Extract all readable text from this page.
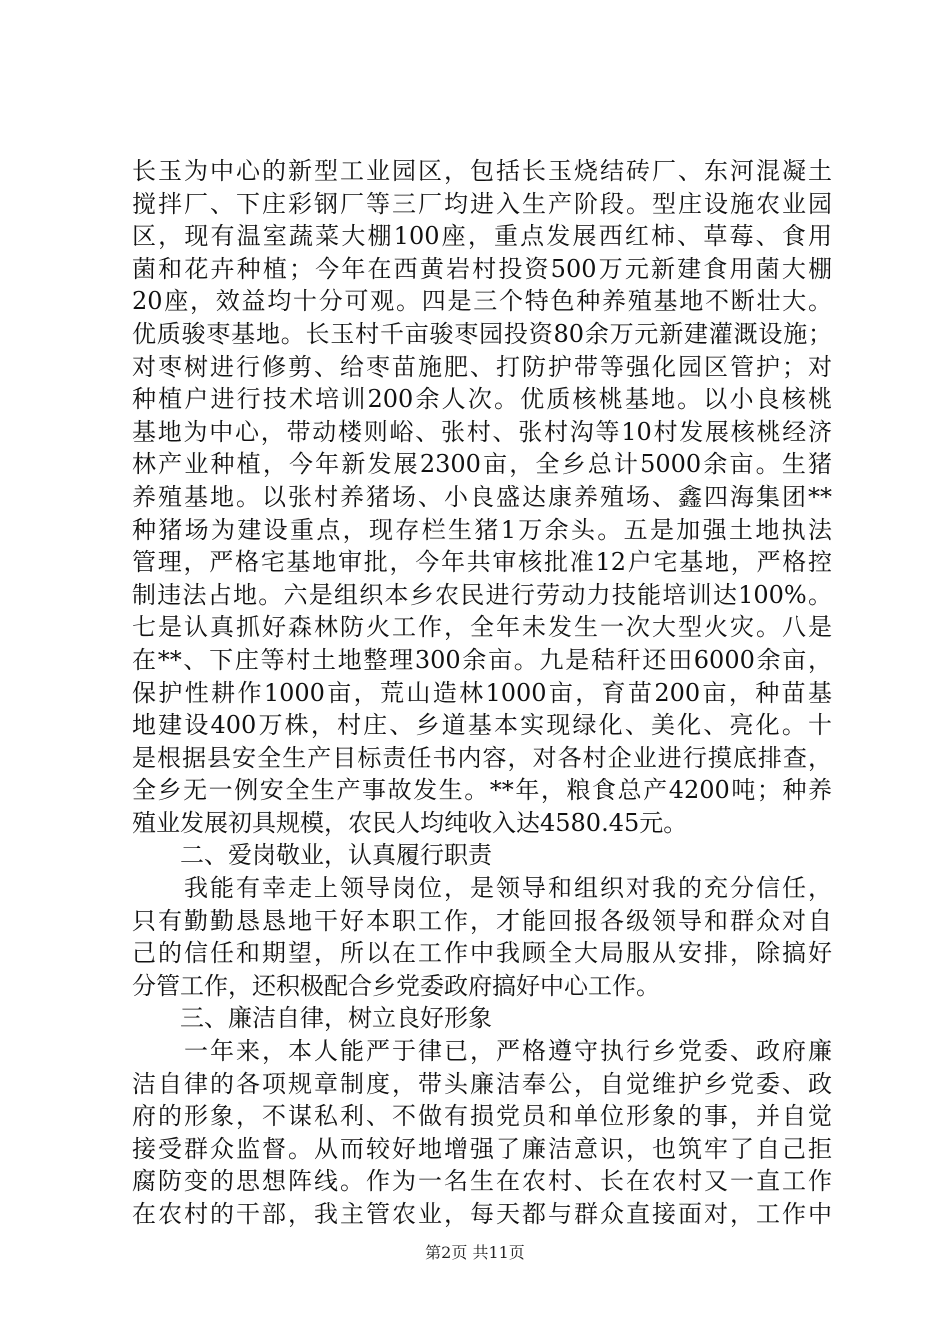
长玉为中心的新型工业园区，包括长玉烧结砖厂、东河混凝土
搅拌厂、下庄彩钢厂等三厂均进入生产阶段。型庄设施农业园
区，现有温室蔬菜大棚100座，重点发展西红柿、草莓、食用
菌和花卉种植；今年在西黄岩村投资500万元新建食用菌大棚
20座，效益均十分可观。四是三个特色种养殖基地不断壮大。
优质骏枣基地。长玉村千亩骏枣园投资80余万元新建灌溉设施；
对枣树进行修剪、给枣苗施肥、打防护带等强化园区管护；对
种植户进行技术培训200余人次。优质核桃基地。以小良核桃
基地为中心，带动楼则峪、张村、张村沟等10村发展核桃经济
林产业种植，今年新发展2300亩，全乡总计5000余亩。生猪
养殖基地。以张村养猪场、小良盛达康养殖场、鑫四海集团**
种猪场为建设重点，现存栏生猪1万余头。五是加强土地执法
管理，严格宅基地审批，今年共审核批准12户宅基地，严格控
制违法占地。六是组织本乡农民进行劳动力技能培训达100%。
七是认真抓好森林防火工作，全年未发生一次大型火灾。八是
在**、下庄等村土地整理300余亩。九是秸秆还田6000余亩，
保护性耕作1000亩，荒山造林1000亩，育苗200亩，种苗基
地建设400万株，村庄、乡道基本实现绿化、美化、亮化。十
是根据县安全生产目标责任书内容，对各村企业进行摸底排查，
全乡无一例安全生产事故发生。**年，粮食总产4200吨；种养
殖业发展初具规模，农民人均纯收入达4580.45元。
　　二、爱岗敬业，认真履行职责
　　我能有幸走上领导岗位，是领导和组织对我的充分信任，
只有勤勤恳恳地干好本职工作，才能回报各级领导和群众对自
己的信任和期望，所以在工作中我顾全大局服从安排，除搞好
分管工作，还积极配合乡党委政府搞好中心工作。
　　三、廉洁自律，树立良好形象
　　一年来，本人能严于律已，严格遵守执行乡党委、政府廉
洁自律的各项规章制度，带头廉洁奉公，自觉维护乡党委、政
府的形象，不谋私利、不做有损党员和单位形象的事，并自觉
接受群众监督。从而较好地增强了廉洁意识，也筑牢了自己拒
腐防变的思想阵线。作为一名生在农村、长在农村又一直工作
在农村的干部，我主管农业，每天都与群众直接面对，工作中
第2页 共11页
